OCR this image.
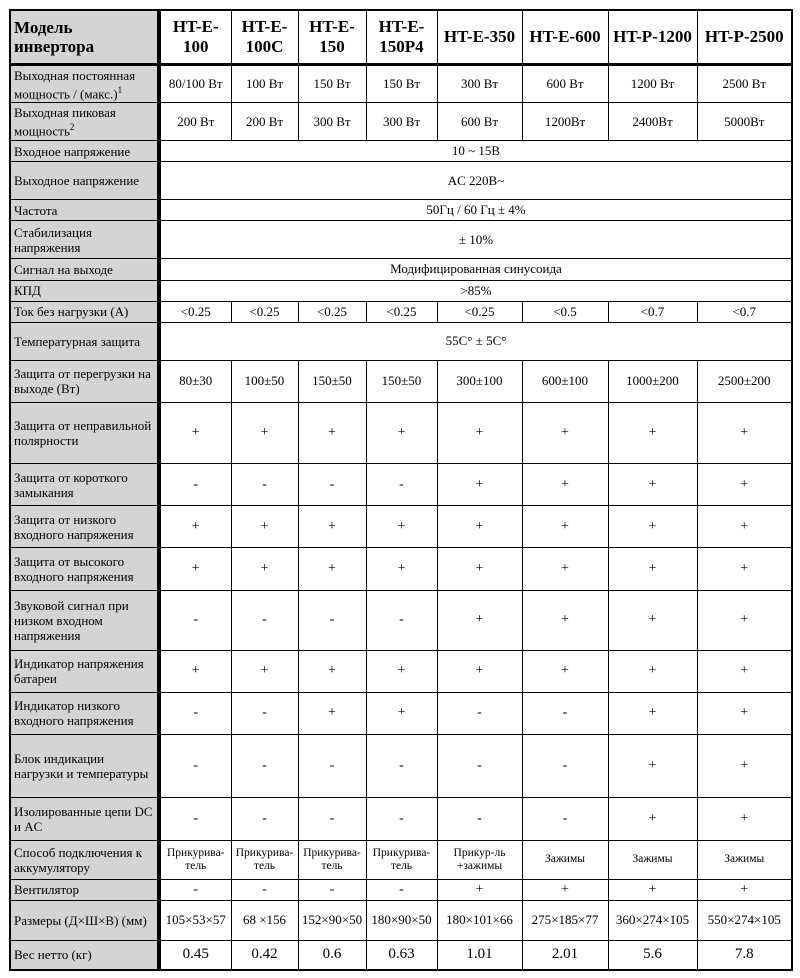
Модель инвертора	HT-E-100	HT-E-100C	HT-E-150	HT-E-150P4	HT-E-350	HT-E-600	HT-P-1200	HT-P-2500
Выходная постоянная мощность / (макс.)$^1$	80/100 Вт	100 Вт	150 Вт	150 Вт	300 Вт	600 Вт	1200 Вт	2500 Вт
Выходная пиковая мощность$^2$	200 Вт	200 Вт	300 Вт	300 Вт	600 Вт	1200Вт	2400Вт	5000Вт
Входное напряжение	10 ~ 15В							
Выходное напряжение	AC 220В~							
Частота	50Гц / 60 Гц ± 4%							
Стабилизация напряжения	± 10%							
Сигнал на выходе	Модифицированная синусоида							
КПД	>85%							
Ток без нагрузки (А)	<0.25	<0.25	<0.25	<0.25	<0.25	<0.5	<0.7	<0.7
Температурная защита	55С° ± 5С°							
Защита от перегрузки на выходе (Вт)	80±30	100±50	150±50	150±50	300±100	600±100	1000±200	2500±200
Защита от неправильной полярности	+	+	+	+	+	+	+	+
Защита от короткого замыкания	-	-	-	-	+	+	+	+
Защита от низкого входного напряжения	+	+	+	+	+	+	+	+
Защита от высокого входного напряжения	+	+	+	+	+	+	+	+
Звуковой сигнал при низком входном напряжения	-	-	-	-	+	+	+	+
Индикатор напряжения батареи	+	+	+	+	+	+	+	+
Индикатор низкого входного напряжения	-	-	+	+	-	-	+	+
Блок индикации нагрузки и температуры	-	-	-	-	-	-	+	+
Изолированные цепи DC и AC	-	-	-	-	-	-	+	+
Способ подключения к аккумулятору	Прикурива-тель	Прикурива-тель	Прикурива-тель	Прикурива-тель	Прикур-ль +зажимы	Зажимы	Зажимы	Зажимы
Вентилятор	-	-	-	-	+	+	+	+
Размеры (Д×Ш×В) (мм)	105×53×57	68 ×156	152×90×50	180×90×50	180×101×66	275×185×77	360×274×105	550×274×105
Вес нетто (кг)	0.45	0.42	0.6	0.63	1.01	2.01	5.6	7.8
